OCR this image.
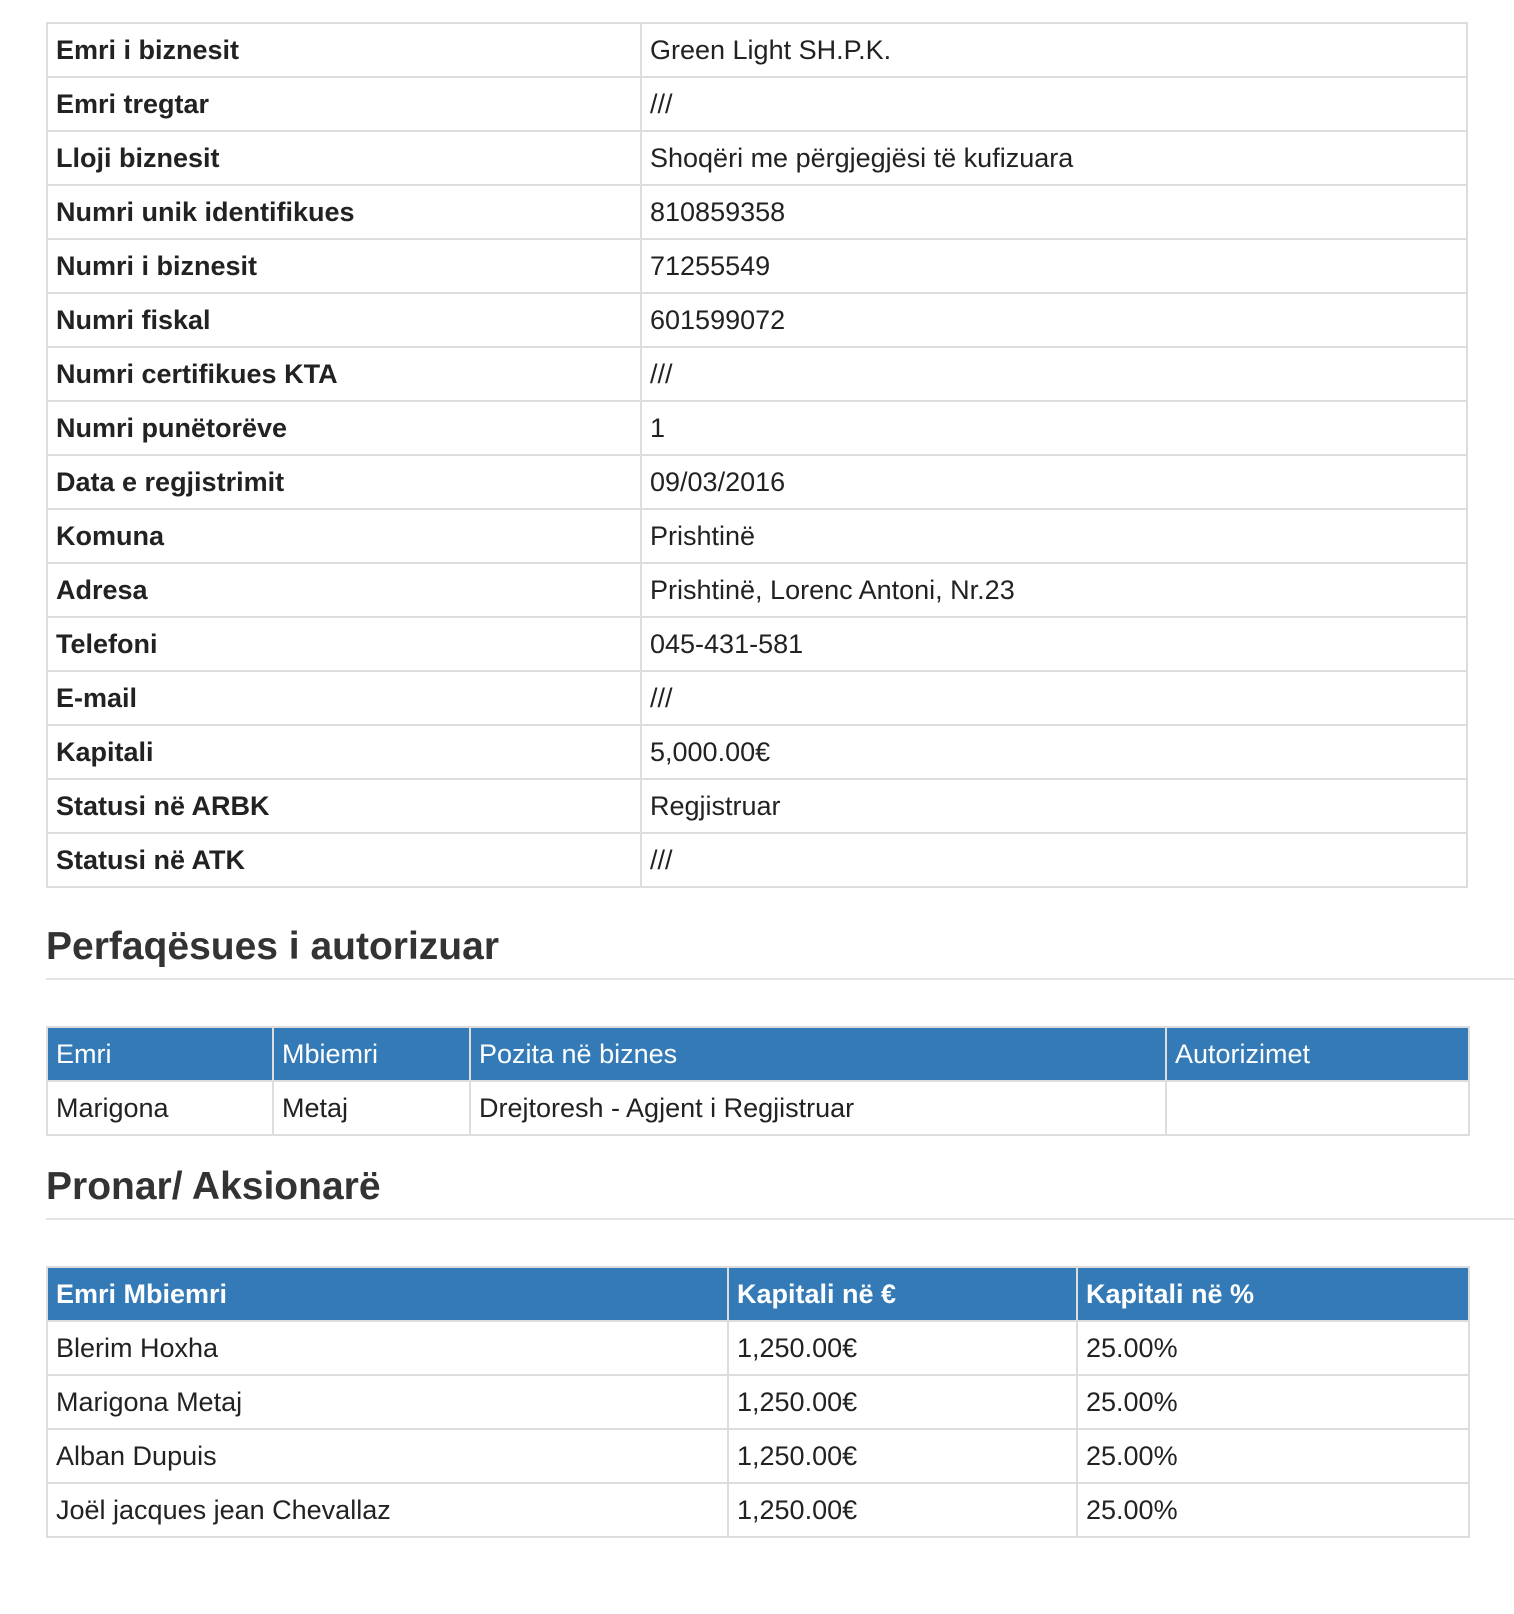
Emri i biznesit	Green Light SH.P.K.
Emri tregtar	///
Lloji biznesit	Shoqëri me përgjegjësi të kufizuara
Numri unik identifikues	810859358
Numri i biznesit	71255549
Numri fiskal	601599072
Numri certifikues KTA	///
Numri punëtorëve	1
Data e regjistrimit	09/03/2016
Komuna	Prishtinë
Adresa	Prishtinë, Lorenc Antoni, Nr.23
Telefoni	045-431-581
E-mail	///
Kapitali	5,000.00€
Statusi në ARBK	Regjistruar
Statusi në ATK	///
Perfaqësues i autorizuar
Emri	Mbiemri	Pozita në biznes	Autorizimet
Marigona	Metaj	Drejtoresh - Agjent i Regjistruar	
Pronar/ Aksionarë
Emri Mbiemri	Kapitali në €	Kapitali në %
Blerim Hoxha	1,250.00€	25.00%
Marigona Metaj	1,250.00€	25.00%
Alban Dupuis	1,250.00€	25.00%
Joël jacques jean Chevallaz	1,250.00€	25.00%
